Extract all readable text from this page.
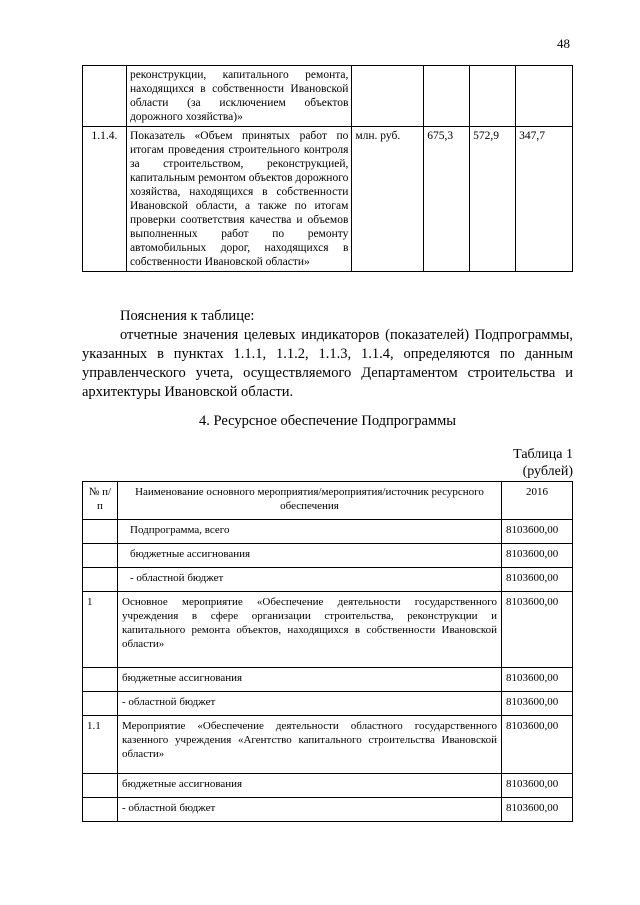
48
	реконструкции, капитального ремонта, находящихся в собственности Ивановской области (за исключением объектов дорожного хозяйства)»				
1.1.4.	Показатель «Объем принятых работ по итогам проведения строительного контроля за строительством, реконструкцией, капитальным ремонтом объектов дорожного хозяйства, находящихся в собственности Ивановской области, а также по итогам проверки соответствия качества и объемов выполненных работ по ремонту автомобильных дорог, находящихся в собственности Ивановской области»	млн. руб.	675,3	572,9	347,7
Пояснения к таблице:
отчетные значения целевых индикаторов (показателей) Подпрограммы, указанных в пунктах 1.1.1, 1.1.2, 1.1.3, 1.1.4, определяются по данным управленческого учета, осуществляемого Департаментом строительства и архитектуры Ивановской области.
4. Ресурсное обеспечение Подпрограммы
Таблица 1
(рублей)
№ п/п	Наименование основного мероприятия/мероприятия/источник ресурсного обеспечения	2016
	Подпрограмма, всего	8103600,00
	бюджетные ассигнования	8103600,00
	- областной бюджет	8103600,00
1	Основное мероприятие «Обеспечение деятельности государственного учреждения в сфере организации строительства, реконструкции и капитального ремонта объектов, находящихся в собственности Ивановской области»	8103600,00
	бюджетные ассигнования	8103600,00
	- областной бюджет	8103600,00
1.1	Мероприятие «Обеспечение деятельности областного государственного казенного учреждения «Агентство капитального строительства Ивановской области»	8103600,00
	бюджетные ассигнования	8103600,00
	- областной бюджет	8103600,00
